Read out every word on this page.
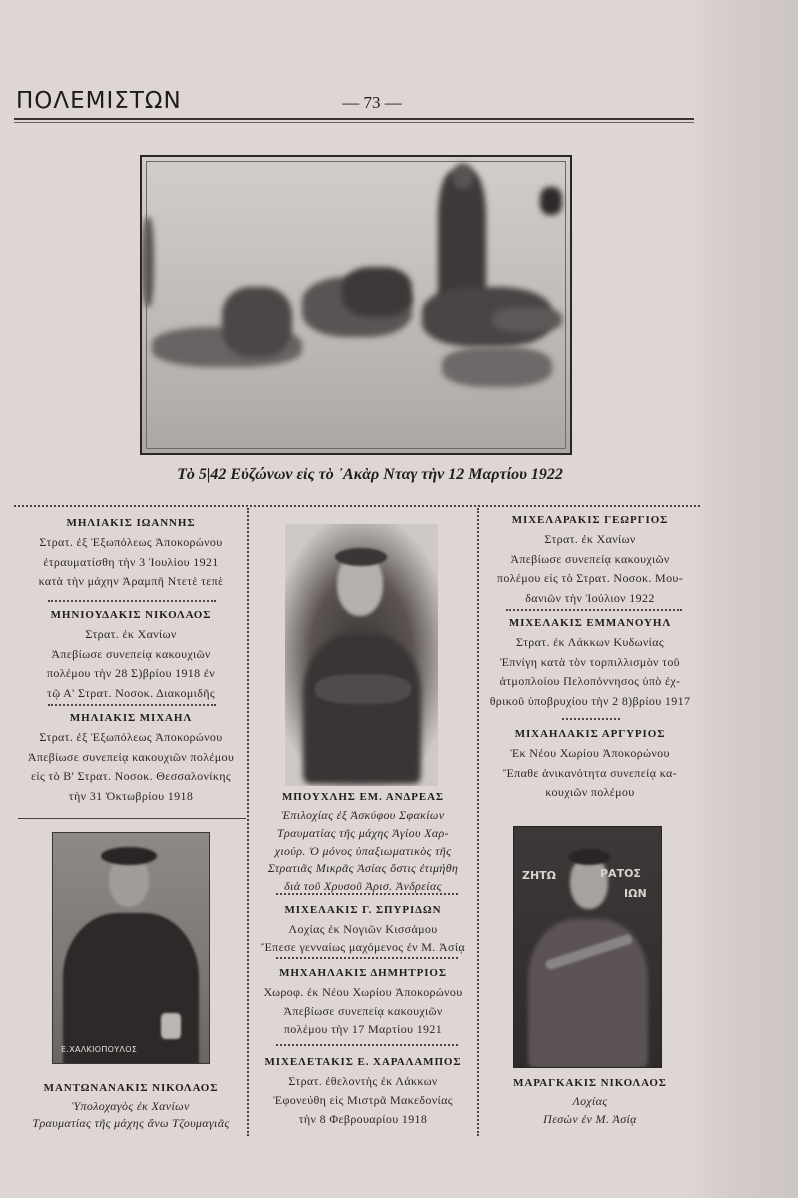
ΠΟΛΕΜΙΣΤΩΝ	— 73 —
Τὸ 5|42 Εὐζώνων εἰς τὸ ᾿Ακὰρ Νταγ τὴν 12 Μαρτίου 1922
ΜΗΛΙΑΚΙΣ ΙΩΑΝΝΗΣ
Στρατ. ἐξ Ἐξωπόλεως Ἀποκορώνου
ἐτραυματίσθη τὴν 3 Ἰουλίου 1921
κατὰ τὴν μάχην Ἀραμπῆ Ντετὲ τεπὲ
ΜΗΝΙΟΥΔΑΚΙΣ ΝΙΚΟΛΑΟΣ
Στρατ. ἐκ Χανίων
Ἀπεβίωσε συνεπείᾳ κακουχιῶν
πολέμου τὴν 28 Σ)βρίου 1918 ἐν
τῷ Α' Στρατ. Νοσοκ. Διακομιδῆς
ΜΗΛΙΑΚΙΣ ΜΙΧΑΗΛ
Στρατ. ἐξ Ἐξωπόλεως Ἀποκορώνου
Ἀπεβίωσε συνεπείᾳ κακουχιῶν πολέμου
εἰς τὸ Β' Στρατ. Νοσοκ. Θεσσαλονίκης
τὴν 31 Ὀκτωβρίου 1918
Ε.ΧΑΛΚΙΟΠΟΥΛΟΣ
ΜΑΝΤΩΝΑΝΑΚΙΣ ΝΙΚΟΛΑΟΣ
Ὑπολοχαγὸς ἐκ Χανίων
Τραυματίας τῆς μάχης ἄνω Τζουμαγιᾶς
ΜΠΟΥΧΛΗΣ ΕΜ. ΑΝΔΡΕΑΣ
Ἐπιλοχίας ἐξ Ἀσκύφου Σφακίων
Τραυματίας τῆς μάχης Ἁγίου Χαρ-
χιούρ. Ὁ μόνος ὑπαξιωματικὸς τῆς
Στρατιᾶς Μικρᾶς Ἀσίας ὅστις ἐτιμήθη
διὰ τοῦ Χρυσοῦ Ἀρισ. Ἀνδρείας
ΜΙΧΕΛΑΚΙΣ Γ. ΣΠΥΡΙΔΩΝ
Λοχίας ἐκ Νογιῶν Κισσάμου
Ἔπεσε γενναίως μαχόμενος ἐν Μ. Ἀσίᾳ
ΜΗΧΑΗΛΑΚΙΣ ΔΗΜΗΤΡΙΟΣ
Χωροφ. ἐκ Νέου Χωρίου Ἀποκορώνου
Ἀπεβίωσε συνεπείᾳ κακουχιῶν
πολέμου τὴν 17 Μαρτίου 1921
ΜΙΧΕΛΕΤΑΚΙΣ Ε. ΧΑΡΑΛΑΜΠΟΣ
Στρατ. ἐθελοντὴς ἐκ Λάκκων
Ἐφονεύθη εἰς Μιστρᾶ Μακεδονίας
τὴν 8 Φεβρουαρίου 1918
ΜΙΧΕΛΑΡΑΚΙΣ ΓΕΩΡΓΙΟΣ
Στρατ. ἐκ Χανίων
Ἀπεβίωσε συνεπείᾳ κακουχιῶν
πολέμου εἰς τὸ Στρατ. Νοσοκ. Μου-
δανιῶν τὴν Ἰούλιον 1922
ΜΙΧΕΛΑΚΙΣ ΕΜΜΑΝΟΥΗΛ
Στρατ. ἐκ Λάκκων Κυδωνίας
Ἐπνίγη κατὰ τὸν τορπιλλισμὸν τοῦ
ἀτμοπλοίου Πελοπόννησος ὑπὸ ἐχ-
θρικοῦ ὑποβρυχίου τὴν 2 8)βρίου 1917
ΜΙΧΑΗΛΑΚΙΣ ΑΡΓΥΡΙΟΣ
Ἐκ Νέου Χωρίου Ἀποκορώνου
Ἔπαθε ἀνικανότητα συνεπείᾳ κα-
κουχιῶν πολέμου
ΖΗΤΩ	ΡΑΤΟΣ
ΙΩΝ
ΜΑΡΑΓΚΑΚΙΣ ΝΙΚΟΛΑΟΣ
Λοχίας
Πεσὼν ἐν Μ. Ἀσίᾳ
